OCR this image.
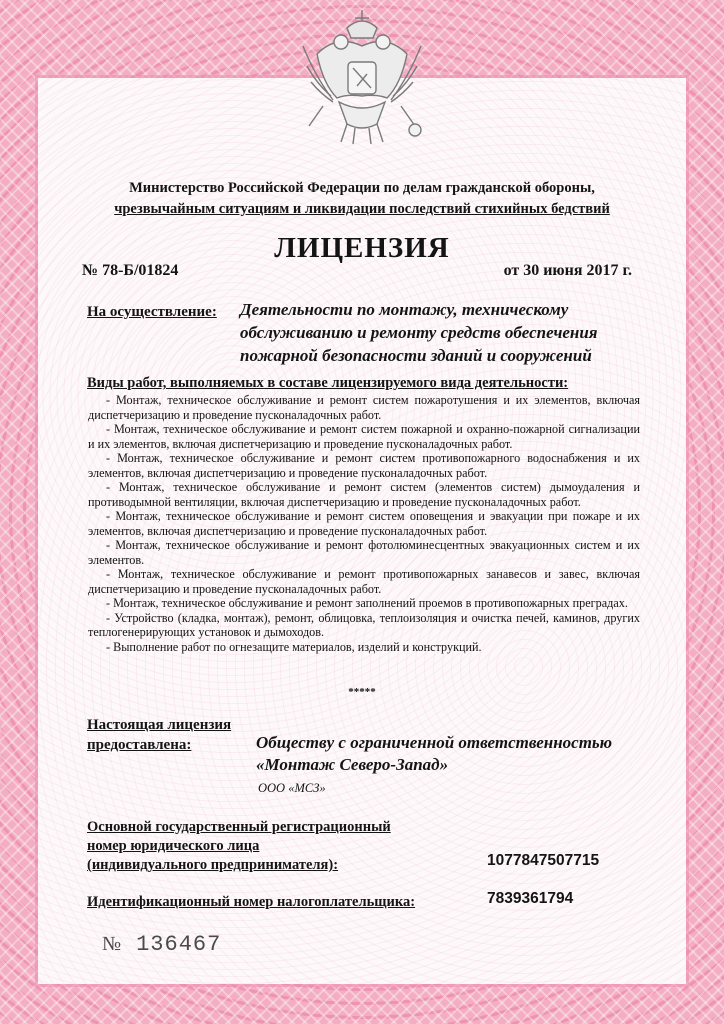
Министерство Российской Федерации по делам гражданской обороны,
чрезвычайным ситуациям и ликвидации последствий стихийных бедствий

ЛИЦЕНЗИЯ
№ 78-Б/01824	от 30 июня 2017 г.
На осуществление: Деятельности по монтажу, техническому обслуживанию и ремонту средств обеспечения пожарной безопасности зданий и сооружений
Виды работ, выполняемых в составе лицензируемого вида деятельности:
- Монтаж, техническое обслуживание и ремонт систем пожаротушения и их элементов, включая диспетчеризацию и проведение пусконаладочных работ.
- Монтаж, техническое обслуживание и ремонт систем пожарной и охранно-пожарной сигнализации и их элементов, включая диспетчеризацию и проведение пусконаладочных работ.
- Монтаж, техническое обслуживание и ремонт систем противопожарного водоснабжения и их элементов, включая диспетчеризацию и проведение пусконаладочных работ.
- Монтаж, техническое обслуживание и ремонт систем (элементов систем) дымоудаления и противодымной вентиляции, включая диспетчеризацию и проведение пусконаладочных работ.
- Монтаж, техническое обслуживание и ремонт систем оповещения и эвакуации при пожаре и их элементов, включая диспетчеризацию и проведение пусконаладочных работ.
- Монтаж, техническое обслуживание и ремонт фотолюминесцентных эвакуационных систем и их элементов.
- Монтаж, техническое обслуживание и ремонт противопожарных занавесов и завес, включая диспетчеризацию и проведение пусконаладочных работ.
- Монтаж, техническое обслуживание и ремонт заполнений проемов в противопожарных преградах.
- Устройство (кладка, монтаж), ремонт, облицовка, теплоизоляция и очистка печей, каминов, других теплогенерирующих установок и дымоходов.
- Выполнение работ по огнезащите материалов, изделий и конструкций.
*****
Настоящая лицензия
предоставлена:	Обществу с ограниченной ответственностью «Монтаж Северо-Запад»
ООО «МСЗ»
Основной государственный регистрационный
номер юридического лица
(индивидуального предпринимателя):	1077847507715
Идентификационный номер налогоплательщика:	7839361794
№ 136467
